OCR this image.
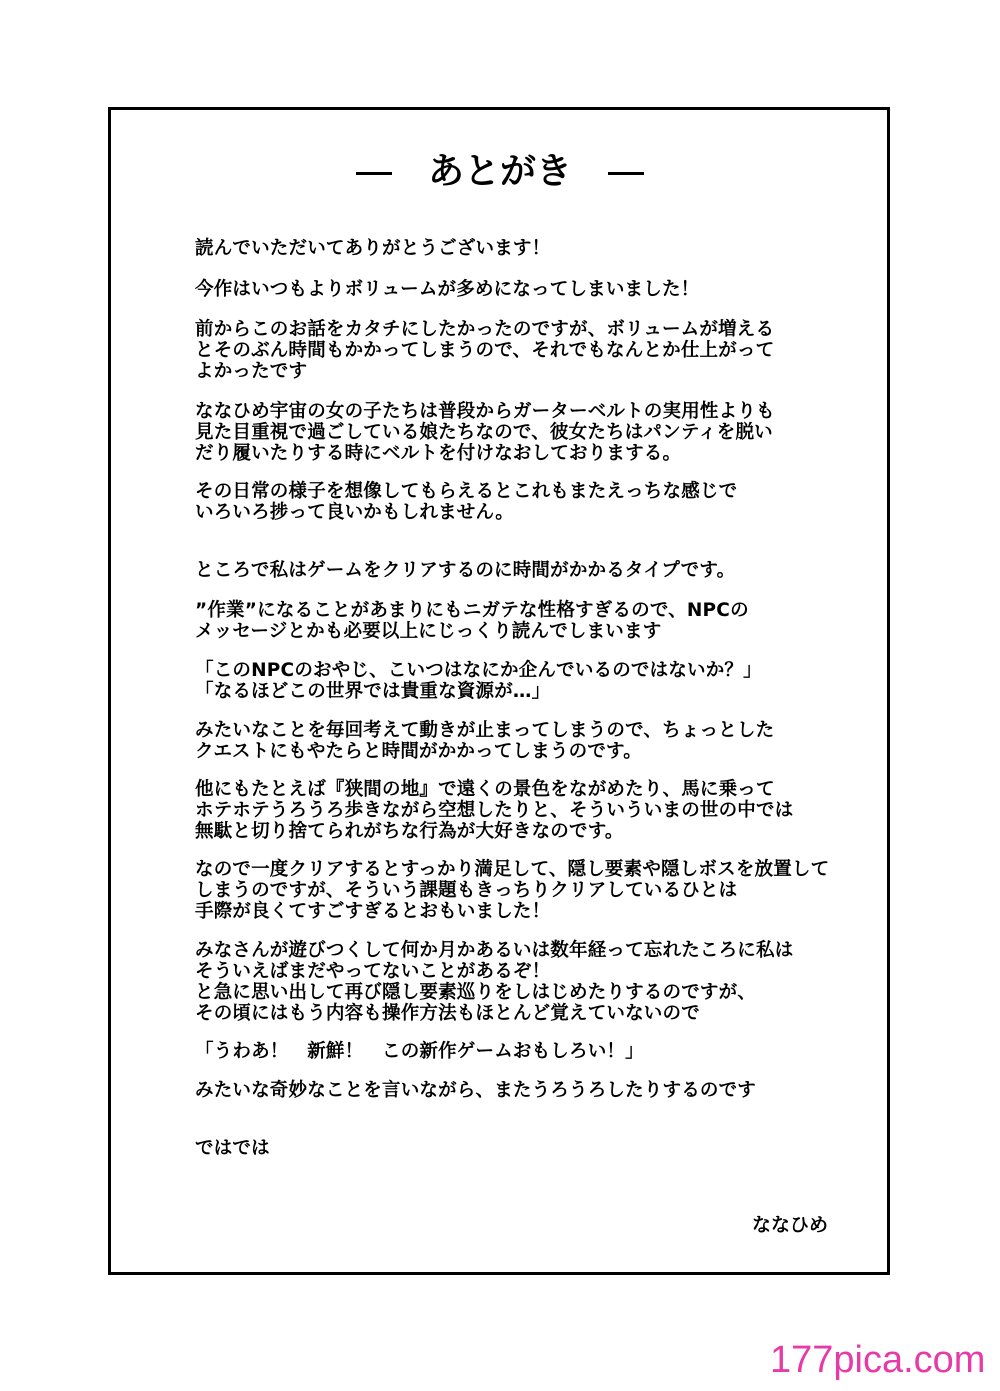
あとがき
読んでいただいてありがとうございます！
今作はいつもよりボリュームが多めになってしまいました！
前からこのお話をカタチにしたかったのですが、ボリュームが増える
とそのぶん時間もかかってしまうので、それでもなんとか仕上がって
よかったです
ななひめ宇宙の女の子たちは普段からガーターベルトの実用性よりも
見た目重視で過ごしている娘たちなので、彼女たちはパンティを脱い
だり履いたりする時にベルトを付けなおしておりまする。
その日常の様子を想像してもらえるとこれもまたえっちな感じで
いろいろ捗って良いかもしれません。
ところで私はゲームをクリアするのに時間がかかるタイプです。
”作業”になることがあまりにもニガテな性格すぎるので、NPCの
メッセージとかも必要以上にじっくり読んでしまいます
「このNPCのおやじ、こいつはなにか企んでいるのではないか？」
「なるほどこの世界では貴重な資源が…」
みたいなことを毎回考えて動きが止まってしまうので、ちょっとした
クエストにもやたらと時間がかかってしまうのです。
他にもたとえば『狭間の地』で遠くの景色をながめたり、馬に乗って
ホテホテうろうろ歩きながら空想したりと、そういういまの世の中では
無駄と切り捨てられがちな行為が大好きなのです。
なので一度クリアするとすっかり満足して、隠し要素や隠しボスを放置して
しまうのですが、そういう課題もきっちりクリアしているひとは
手際が良くてすごすぎるとおもいました！
みなさんが遊びつくして何か月かあるいは数年経って忘れたころに私は
そういえばまだやってないことがあるぞ！
と急に思い出して再び隠し要素巡りをしはじめたりするのですが、
その頃にはもう内容も操作方法もほとんど覚えていないので
「うわあ！　新鮮！　この新作ゲームおもしろい！」
みたいな奇妙なことを言いながら、またうろうろしたりするのです
ではでは
ななひめ
177pica.com
